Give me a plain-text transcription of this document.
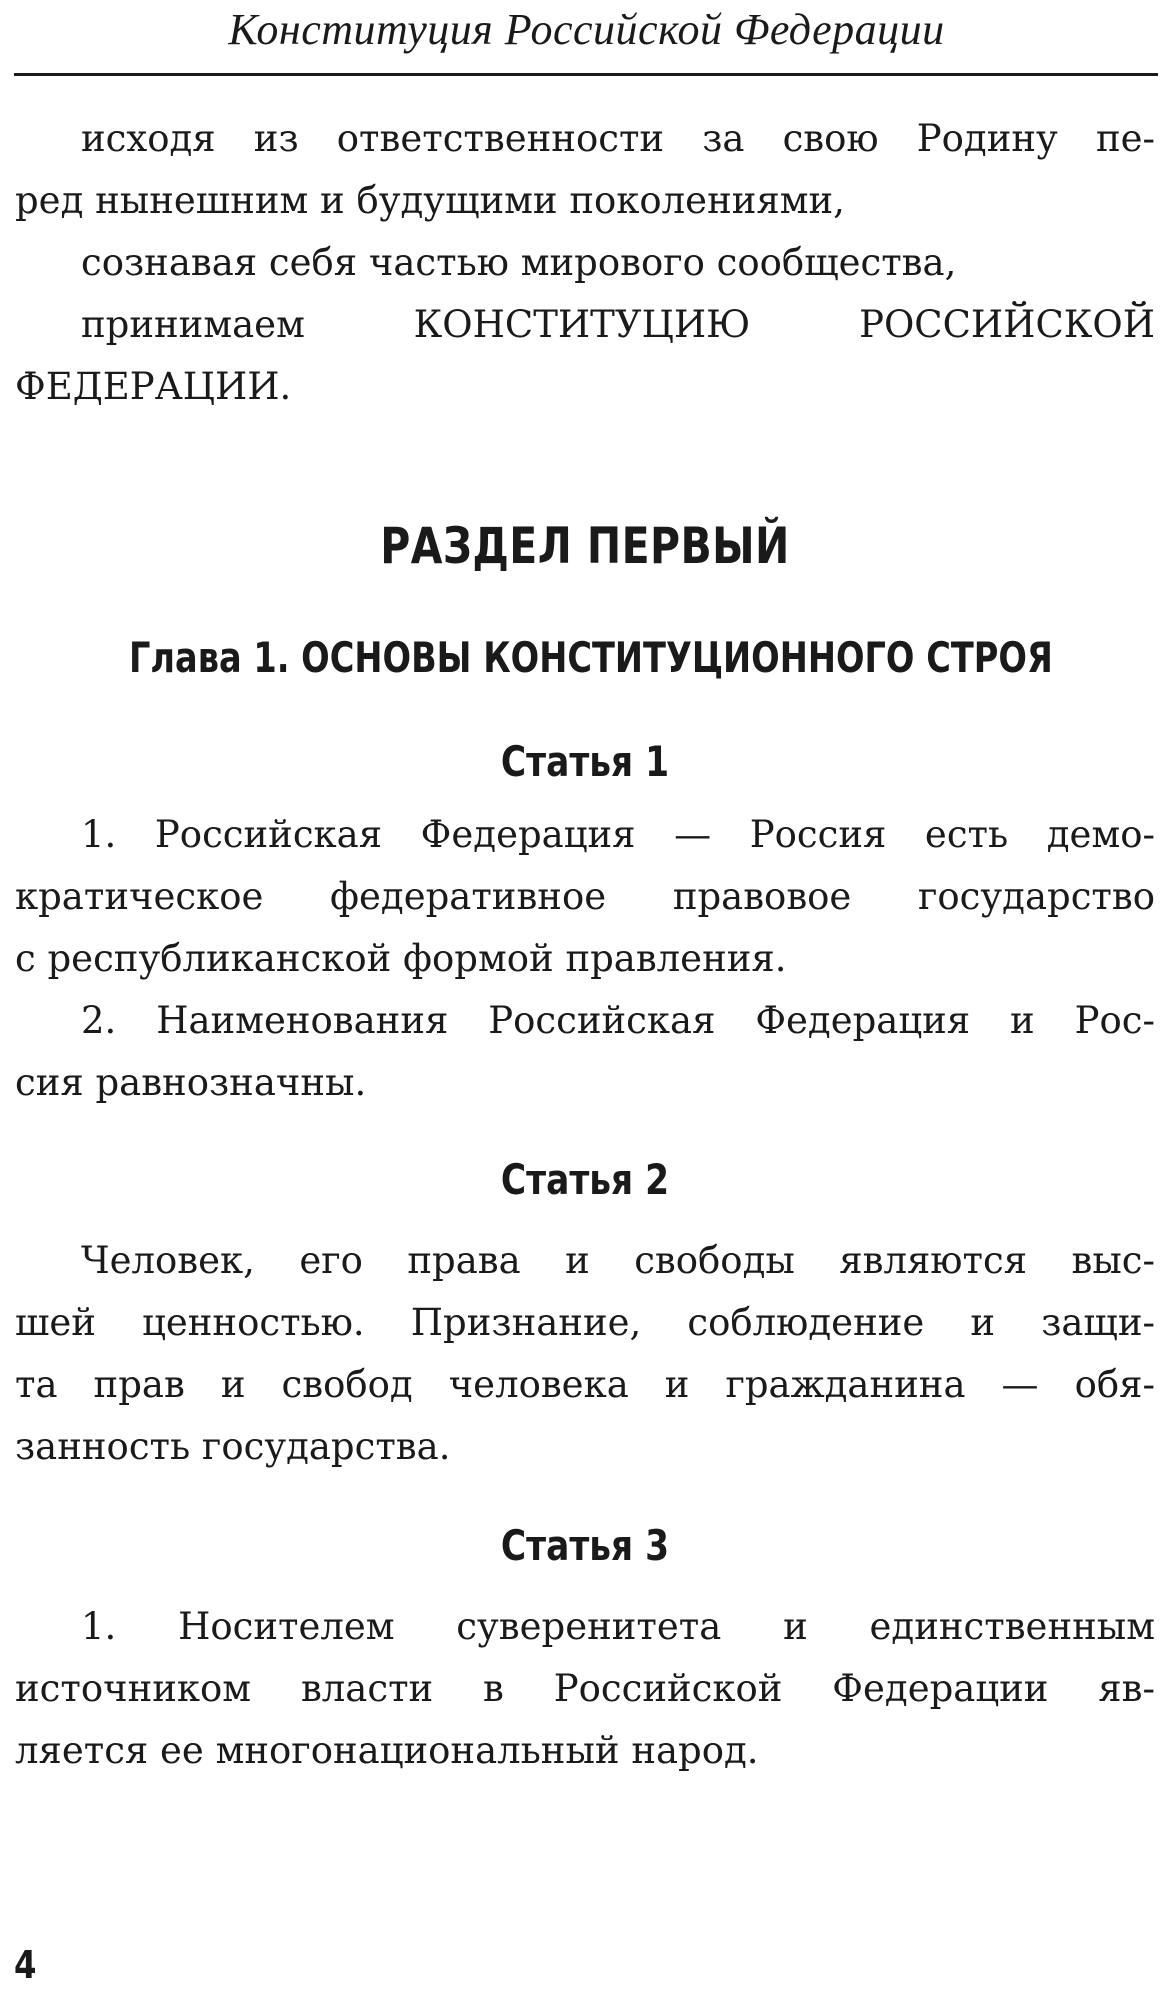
Конституция Российской Федерации
исходя из ответственности за свою Родину пе-
ред нынешним и будущими поколениями,
сознавая себя частью мирового сообщества,
принимаем КОНСТИТУЦИЮ РОССИЙСКОЙ
ФЕДЕРАЦИИ.
РАЗДЕЛ ПЕРВЫЙ
Глава 1. ОСНОВЫ КОНСТИТУЦИОННОГО СТРОЯ
Статья 1
1. Российская Федерация — Россия есть демо-
кратическое федеративное правовое государство
с республиканской формой правления.
2. Наименования Российская Федерация и Рос-
сия равнозначны.
Статья 2
Человек, его права и свободы являются выс-
шей ценностью. Признание, соблюдение и защи-
та прав и свобод человека и гражданина — обя-
занность государства.
Статья 3
1. Носителем суверенитета и единственным
источником власти в Российской Федерации яв-
ляется ее многонациональный народ.
4
